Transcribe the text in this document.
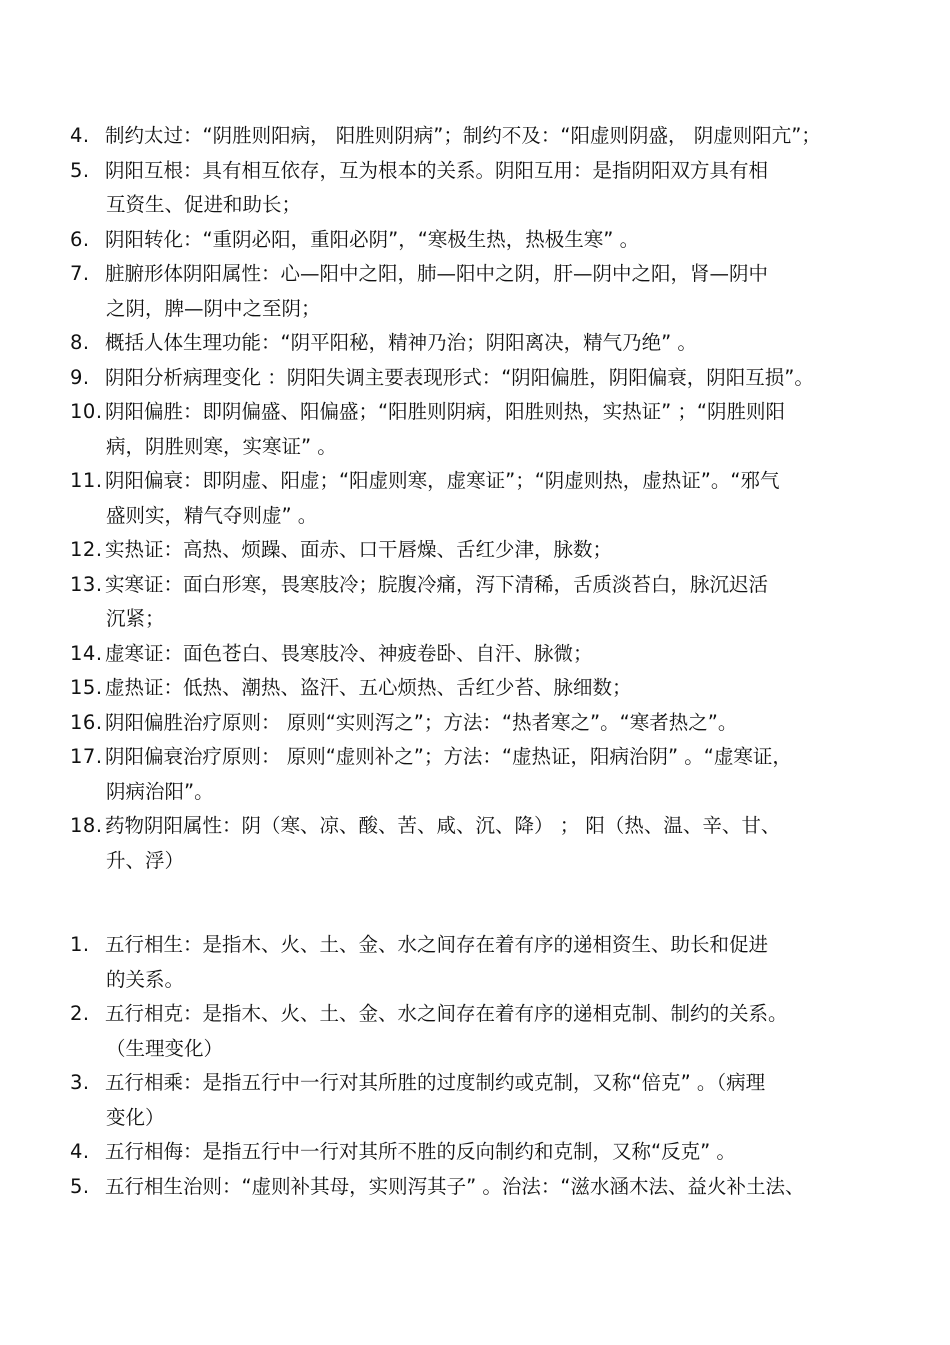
4. 制约太过：“阴胜则阳病， 阳胜则阴病”；制约不及：“阳虚则阴盛， 阴虚则阳亢”；
5. 阴阳互根：具有相互依存，互为根本的关系。阴阳互用：是指阴阳双方具有相
互资生、促进和助长；
6. 阴阳转化：“重阴必阳，重阳必阴”，“寒极生热，热极生寒” 。
7. 脏腑形体阴阳属性：心—阳中之阳，肺—阳中之阴，肝—阴中之阳，肾—阴中
之阴，脾—阴中之至阴；
8. 概括人体生理功能：“阴平阳秘，精神乃治；阴阳离决，精气乃绝” 。
9. 阴阳分析病理变化 ：阴阳失调主要表现形式：“阴阳偏胜，阴阳偏衰，阴阳互损”。
10. 阴阳偏胜：即阴偏盛、阳偏盛；“阳胜则阴病，阳胜则热，实热证” ；“阴胜则阳
病，阴胜则寒，实寒证” 。
11. 阴阳偏衰：即阴虚、阳虚；“阳虚则寒，虚寒证”；“阴虚则热，虚热证”。“邪气
盛则实，精气夺则虚” 。
12. 实热证：高热、烦躁、面赤、口干唇燥、舌红少津，脉数；
13. 实寒证：面白形寒，畏寒肢冷；脘腹冷痛，泻下清稀，舌质淡苔白，脉沉迟活
沉紧；
14. 虚寒证：面色苍白、畏寒肢冷、神疲卷卧、自汗、脉微；
15. 虚热证：低热、潮热、盗汗、五心烦热、舌红少苔、脉细数；
16. 阴阳偏胜治疗原则： 原则“实则泻之”；方法：“热者寒之”。“寒者热之”。
17. 阴阳偏衰治疗原则： 原则“虚则补之”；方法：“虚热证，阳病治阴” 。“虚寒证，
阴病治阳”。
18. 药物阴阳属性：阴（寒、凉、酸、苦、咸、沉、降） ； 阳（热、温、辛、甘、
升、浮）
1. 五行相生：是指木、火、土、金、水之间存在着有序的递相资生、助长和促进
的关系。
2. 五行相克：是指木、火、土、金、水之间存在着有序的递相克制、制约的关系。
（生理变化）
3. 五行相乘：是指五行中一行对其所胜的过度制约或克制，又称“倍克” 。（病理
变化）
4. 五行相侮：是指五行中一行对其所不胜的反向制约和克制，又称“反克” 。
5. 五行相生治则：“虚则补其母，实则泻其子” 。治法：“滋水涵木法、益火补土法、
